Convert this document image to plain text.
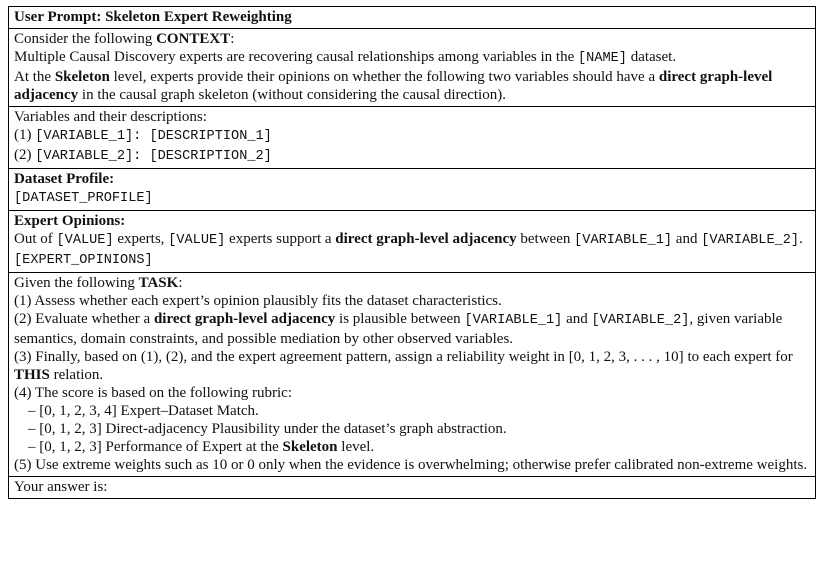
User Prompt: Skeleton Expert Reweighting
Consider the following CONTEXT:
Multiple Causal Discovery experts are recovering causal relationships among variables in the [NAME] dataset.
At the Skeleton level, experts provide their opinions on whether the following two variables should have a direct graph-level adjacency in the causal graph skeleton (without considering the causal direction).
Variables and their descriptions:
(1) [VARIABLE_1]: [DESCRIPTION_1]
(2) [VARIABLE_2]: [DESCRIPTION_2]
Dataset Profile:
[DATASET_PROFILE]
Expert Opinions:
Out of [VALUE] experts, [VALUE] experts support a direct graph-level adjacency between [VARIABLE_1] and [VARIABLE_2]. [EXPERT_OPINIONS]
Given the following TASK:
(1) Assess whether each expert’s opinion plausibly fits the dataset characteristics.
(2) Evaluate whether a direct graph-level adjacency is plausible between [VARIABLE_1] and [VARIABLE_2], given variable semantics, domain constraints, and possible mediation by other observed variables.
(3) Finally, based on (1), (2), and the expert agreement pattern, assign a reliability weight in [0, 1, 2, 3, . . . , 10] to each expert for THIS relation.
(4) The score is based on the following rubric:
– [0, 1, 2, 3, 4] Expert–Dataset Match.
– [0, 1, 2, 3] Direct-adjacency Plausibility under the dataset’s graph abstraction.
– [0, 1, 2, 3] Performance of Expert at the Skeleton level.
(5) Use extreme weights such as 10 or 0 only when the evidence is overwhelming; otherwise prefer calibrated non-extreme weights.
Your answer is:
